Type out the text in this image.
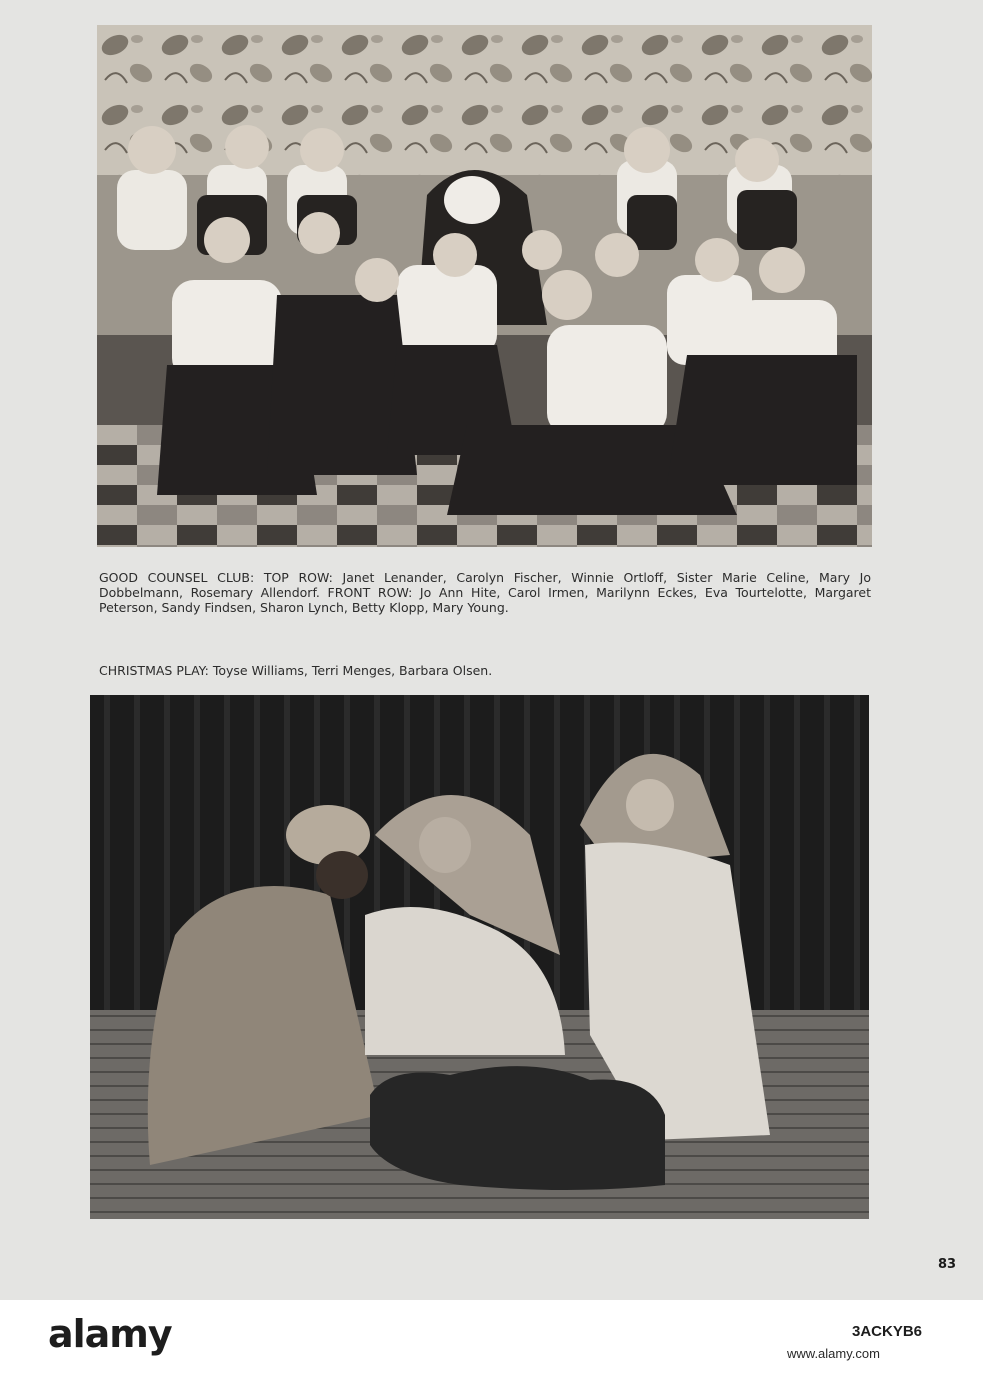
GOOD COUNSEL CLUB: TOP ROW: Janet Lenander, Carolyn Fischer, Winnie Ortloff, Sister Marie Celine, Mary Jo Dobbelmann, Rosemary Allendorf. FRONT ROW: Jo Ann Hite, Carol Irmen, Marilynn Eckes, Eva Tourtelotte, Margaret Peterson, Sandy Findsen, Sharon Lynch, Betty Klopp, Mary Young.
CHRISTMAS PLAY: Toyse Williams, Terri Menges, Barbara Olsen.
83
alamy	3ACKYB6
www.alamy.com
